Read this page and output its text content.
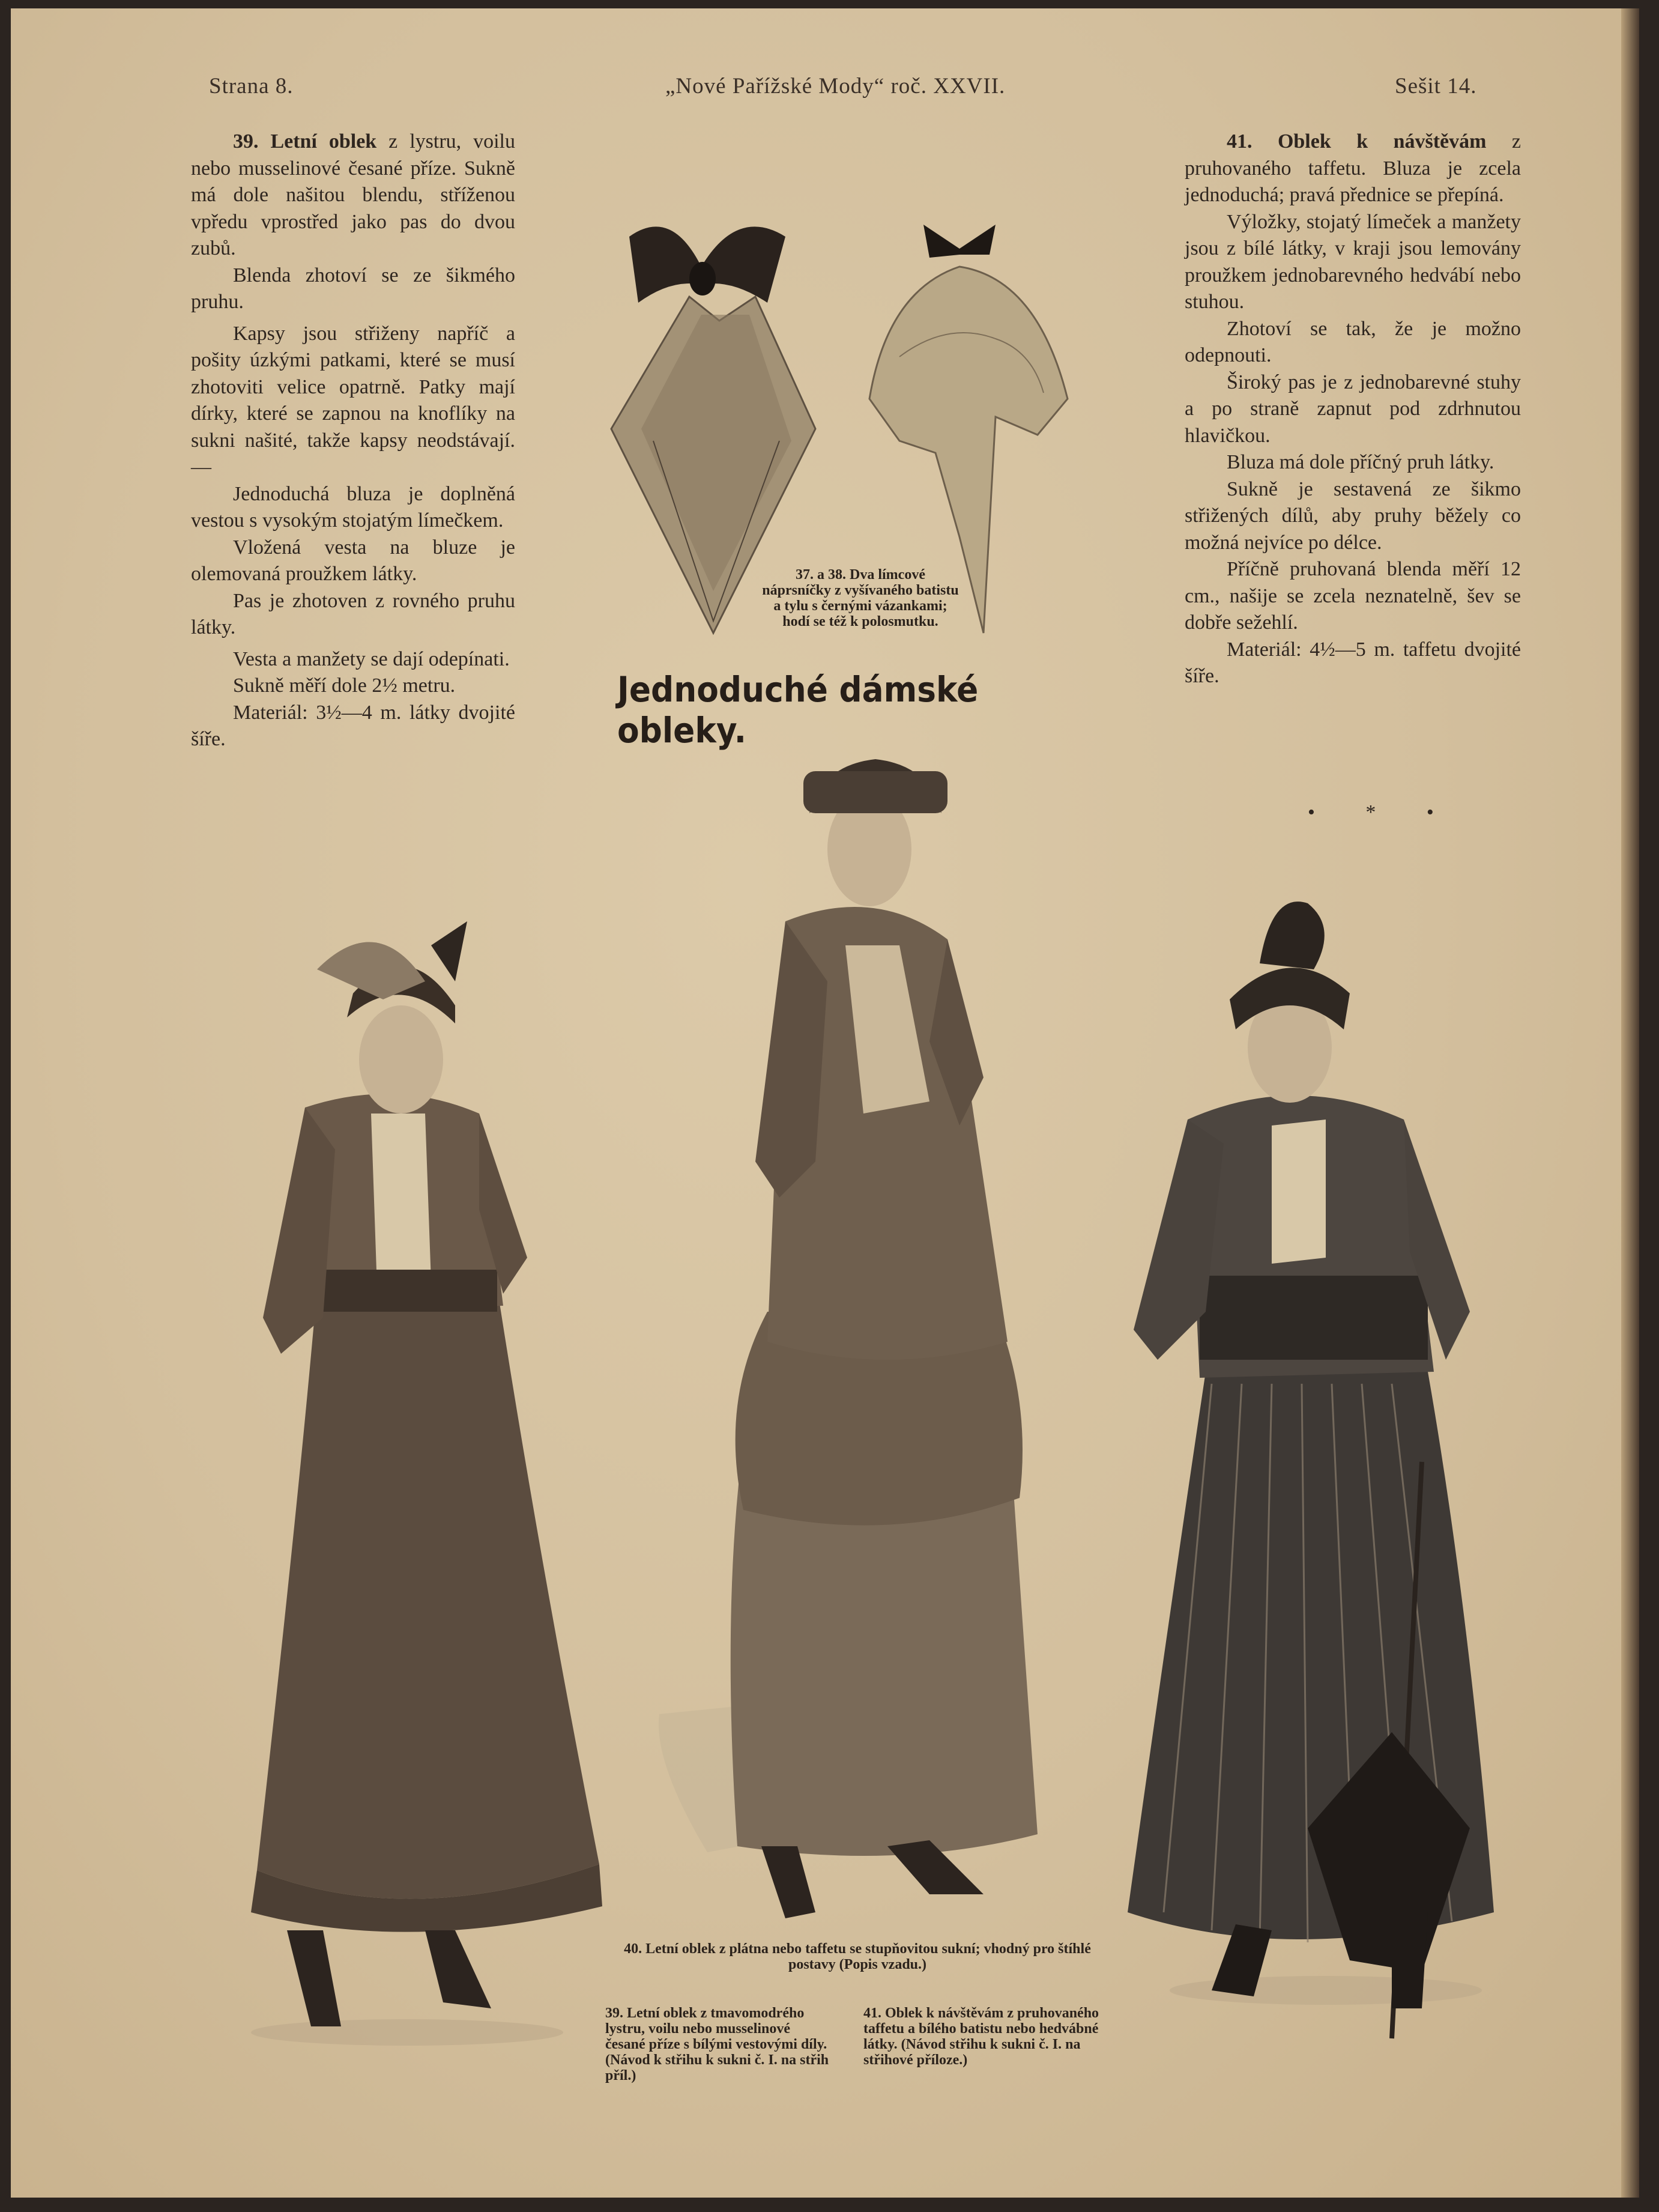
Strana 8.	„Nové Pařížské Mody“ roč. XXVII.	Sešit 14.

39. Letní oblek z lystru, voilu nebo musselinové česané příze. Sukně má dole našitou blendu, stříženou vpředu vprostřed jako pas do dvou zubů.

Blenda zhotoví se ze šikmého pruhu.

Kapsy jsou střiženy napříč a pošity úzkými patkami, které se musí zhotoviti velice opatrně. Patky mají dírky, které se zapnou na knoflíky na sukni našité, takže kapsy neodstávají. —

Jednoduchá bluza je doplněná vestou s vysokým stojatým límečkem.

Vložená vesta na bluze je olemovaná proužkem látky.

Pas je zhotoven z rovného pruhu látky.

Vesta a manžety se dají odepínati.

Sukně měří dole 2½ metru.

Materiál: 3½—4 m. látky dvojité šíře.

41. Oblek k návštěvám z pruhovaného taffetu. Bluza je zcela jednoduchá; pravá přednice se přepíná.

Výložky, stojatý límeček a manžety jsou z bílé látky, v kraji jsou lemovány proužkem jednobarevného hedvábí nebo stuhou.

Zhotoví se tak, že je možno odepnouti.

Široký pas je z jednobarevné stuhy a po straně zapnut pod zdrhnutou hlavičkou.

Bluza má dole příčný pruh látky.

Sukně je sestavená ze šikmo střižených dílů, aby pruhy běžely co možná nejvíce po délce.

Příčně pruhovaná blenda měří 12 cm., našije se zcela neznatelně, šev se dobře sežehlí.

Materiál: 4½—5 m. taffetu dvojité šíře.

• * •
37. a 38. Dva límcové náprsníčky z vyšívaného batistu a tylu s černými vázankami; hodí se též k polosmutku.
Jednoduché dámské obleky.
40. Letní oblek z plátna nebo taffetu se stupňovitou sukní; vhodný pro štíhlé postavy (Popis vzadu.)
39. Letní oblek z tmavomodrého lystru, voilu nebo musselinové česané příze s bílými vestovými díly. (Návod k střihu k sukni č. I. na střih příl.)
41. Oblek k návštěvám z pruhovaného taffetu a bílého batistu nebo hedvábné látky. (Návod střihu k sukni č. I. na střihové příloze.)
